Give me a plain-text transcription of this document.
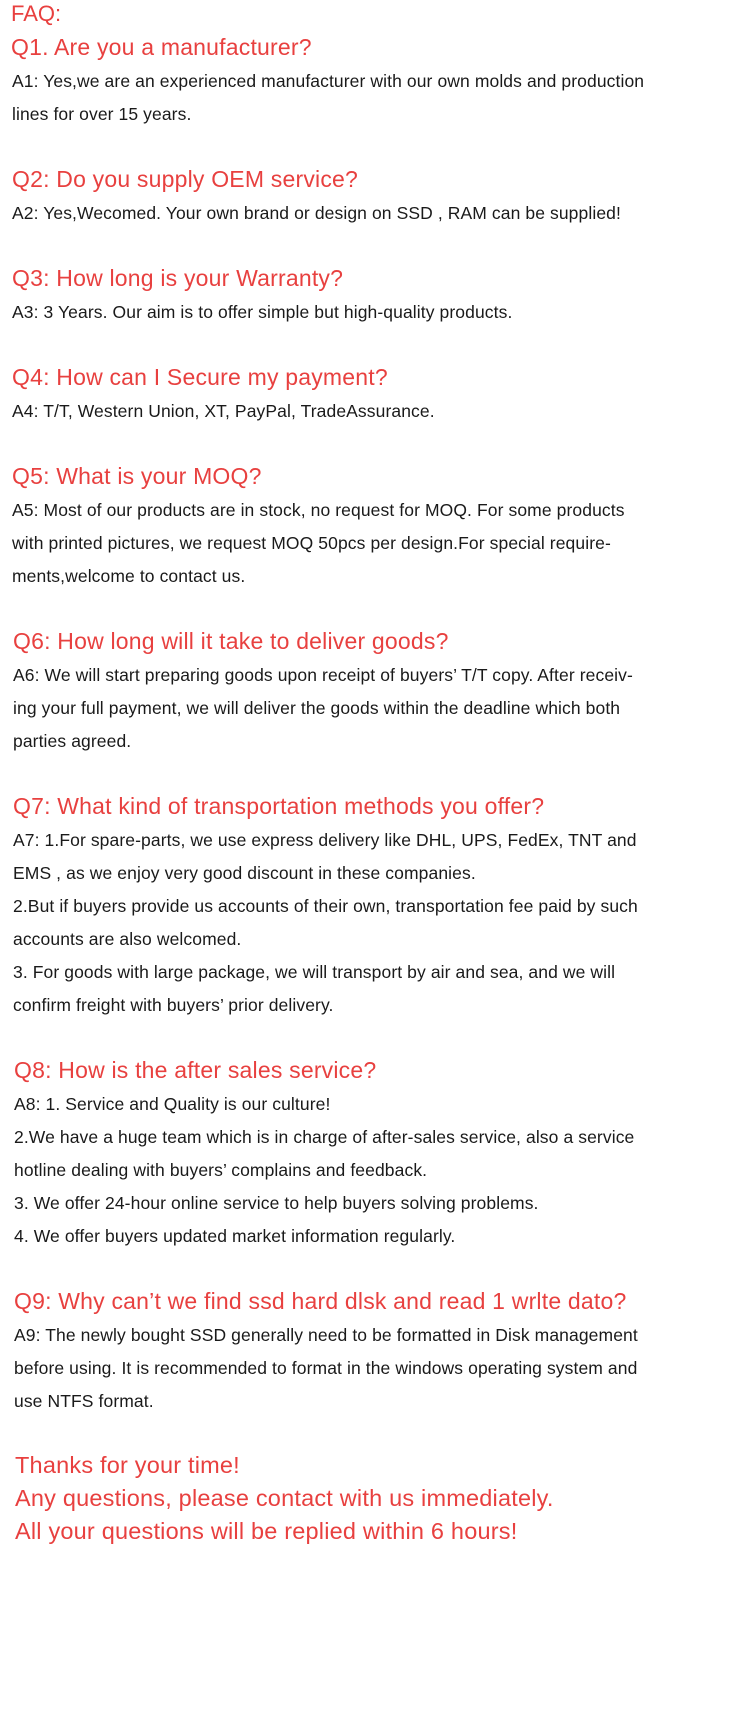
FAQ:
Q1. Are you a manufacturer?
A1: Yes,we are an experienced manufacturer with our own molds and production
lines for over 15 years.
Q2: Do you supply OEM service?
A2: Yes,Wecomed. Your own brand or design on SSD , RAM can be supplied!
Q3: How long is your Warranty?
A3: 3 Years. Our aim is to offer simple but high-quality products.
Q4: How can I Secure my payment?
A4: T/T, Western Union, XT, PayPal, TradeAssurance.
Q5: What is your MOQ?
A5: Most of our products are in stock, no request for MOQ. For some products
with printed pictures, we request MOQ 50pcs per design.For special require-
ments,welcome to contact us.
Q6: How long will it take to deliver goods?
A6: We will start preparing goods upon receipt of buyers’ T/T copy. After receiv-
ing your full payment, we will deliver the goods within the deadline which both
parties agreed.
Q7: What kind of transportation methods you offer?
A7: 1.For spare-parts, we use express delivery like DHL, UPS, FedEx, TNT and
EMS , as we enjoy very good discount in these companies.
2.But if buyers provide us accounts of their own, transportation fee paid by such
accounts are also welcomed.
3. For goods with large package, we will transport by air and sea, and we will
confirm freight with buyers’ prior delivery.
Q8: How is the after sales service?
A8: 1. Service and Quality is our culture!
2.We have a huge team which is in charge of after-sales service, also a service
hotline dealing with buyers’ complains and feedback.
3. We offer 24-hour online service to help buyers solving problems.
4. We offer buyers updated market information regularly.
Q9: Why can’t we find ssd hard dlsk and read 1 wrlte dato?
A9: The newly bought SSD generally need to be formatted in Disk management
before using. It is recommended to format in the windows operating system and
use NTFS format.
Thanks for your time!
Any questions, please contact with us immediately.
All your questions will be replied within 6 hours!
